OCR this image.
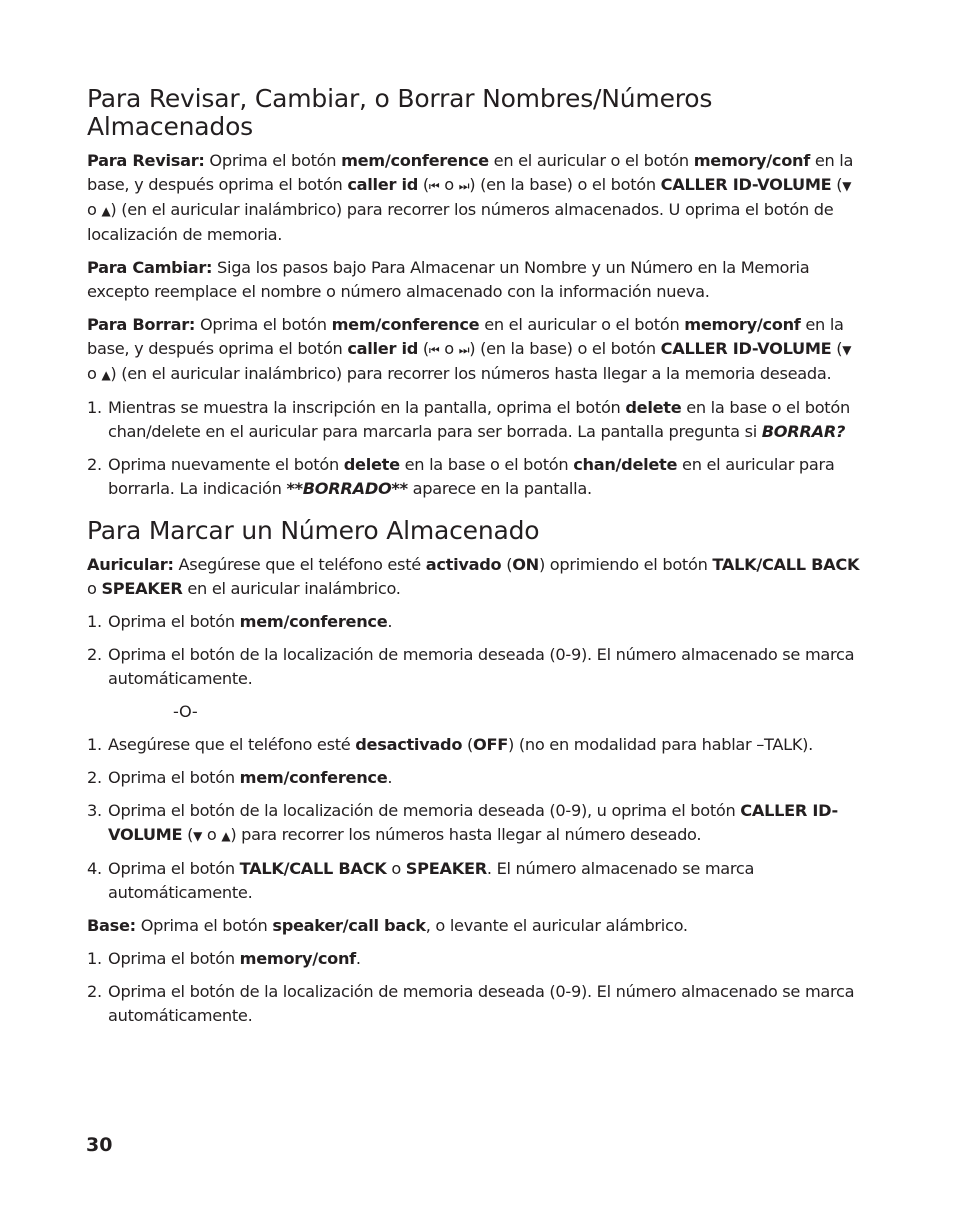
Para Revisar, Cambiar, o Borrar Nombres/Números Almacenados

Para Revisar: Oprima el botón mem/conference en el auricular o el botón memory/conf en la base, y después oprima el botón caller id (⏮ o ⏭) (en la base) o el botón CALLER ID-VOLUME (▼ o ▲) (en el auricular inalámbrico) para recorrer los números almacenados. U oprima el botón de localización de memoria.

Para Cambiar: Siga los pasos bajo Para Almacenar un Nombre y un Número en la Memoria excepto reemplace el nombre o número almacenado con la información nueva.

Para Borrar: Oprima el botón mem/conference en el auricular o el botón memory/conf en la base, y después oprima el botón caller id (⏮ o ⏭) (en la base) o el botón CALLER ID-VOLUME (▼ o ▲) (en el auricular inalámbrico) para recorrer los números hasta llegar a la memoria deseada.

1. Mientras se muestra la inscripción en la pantalla, oprima el botón delete en la base o el botón chan/delete en el auricular para marcarla para ser borrada. La pantalla pregunta si BORRAR?
2. Oprima nuevamente el botón delete en la base o el botón chan/delete en el auricular para borrarla. La indicación **BORRADO** aparece en la pantalla.
Para Marcar un Número Almacenado

Auricular: Asegúrese que el teléfono esté activado (ON) oprimiendo el botón TALK/CALL BACK o SPEAKER en el auricular inalámbrico.

1. Oprima el botón mem/conference.
2. Oprima el botón de la localización de memoria deseada (0-9). El número almacenado se marca automáticamente.

-O-

1. Asegúrese que el teléfono esté desactivado (OFF) (no en modalidad para hablar –TALK).
2. Oprima el botón mem/conference.
3. Oprima el botón de la localización de memoria deseada (0-9), u oprima el botón CALLER ID-VOLUME (▼ o ▲) para recorrer los números hasta llegar al número deseado.
4. Oprima el botón TALK/CALL BACK o SPEAKER. El número almacenado se marca automáticamente.

Base: Oprima el botón speaker/call back, o levante el auricular alámbrico.

1. Oprima el botón memory/conf.
2. Oprima el botón de la localización de memoria deseada (0-9). El número almacenado se marca automáticamente.

30
